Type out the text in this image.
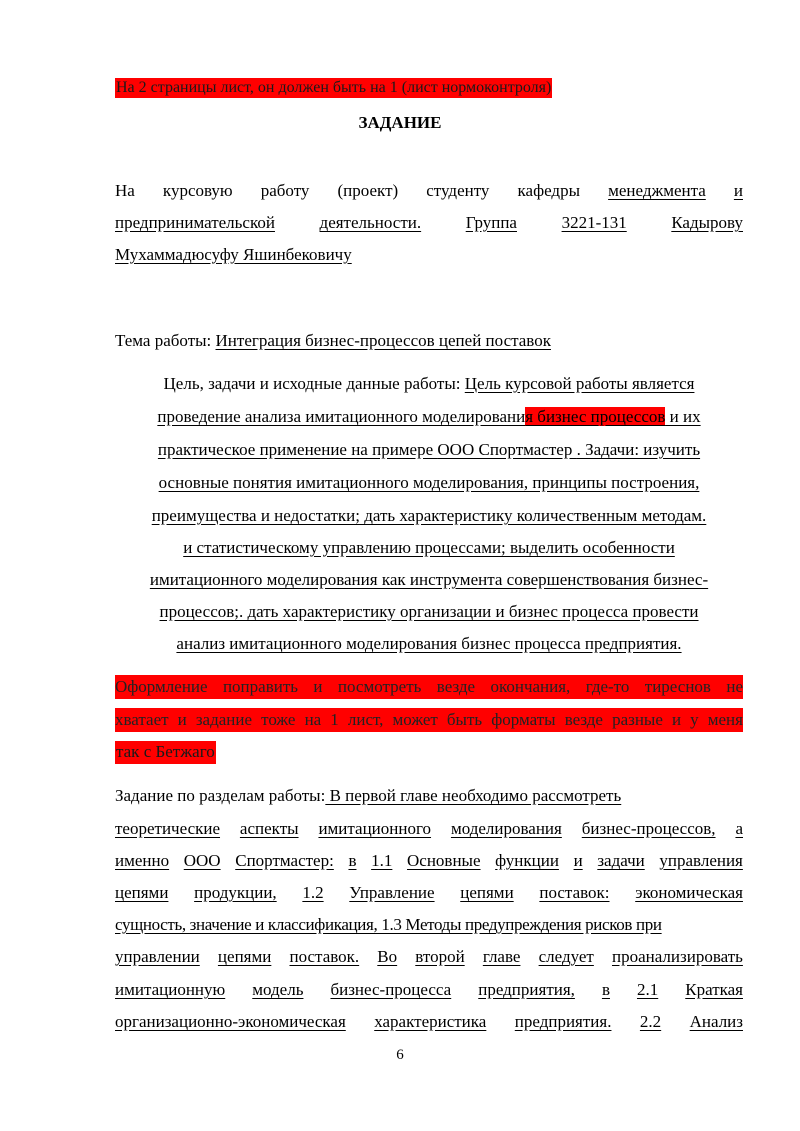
На 2 страницы лист, он должен быть на 1 (лист нормоконтроля)
ЗАДАНИЕ
На курсовую работу (проект) студенту кафедры менеджмента и
предпринимательской	деятельности.	Группа	3221-131	Кадырову
Мухаммадюсуфу Яшинбековичу
Тема работы: Интеграция бизнес-процессов цепей поставок
Цель, задачи и исходные данные работы: Цель курсовой работы является
проведение анализа имитационного моделирования бизнес процессов и их
практическое применение на примере ООО Спортмастер . Задачи: изучить
основные понятия имитационного моделирования, принципы построения,
преимущества и недостатки; дать характеристику количественным методам.
и статистическому управлению процессами; выделить особенности
имитационного моделирования как инструмента совершенствования бизнес-
процессов;. дать характеристику организации и бизнес процесса провести
анализ имитационного моделирования бизнес процесса предприятия.
Оформление поправить и посмотреть везде окончания, где-то тиреснов не
хватает и задание тоже на 1 лист, может быть форматы везде разные и у меня
так с Бетжаго
Задание по разделам работы: В первой главе необходимо рассмотреть
теоретические аспекты имитационного моделирования бизнес-процессов, а
именно ООО Спортмастер: в 1.1 Основные функции и задачи управления
цепями продукции, 1.2 Управление цепями поставок: экономическая
сущность, значение и классификация, 1.3 Методы предупреждения рисков при
управлении цепями поставок. Во второй главе следует проанализировать
имитационную модель бизнес-процесса предприятия, в 2.1 Краткая
организационно-экономическая характеристика предприятия. 2.2 Анализ
6
